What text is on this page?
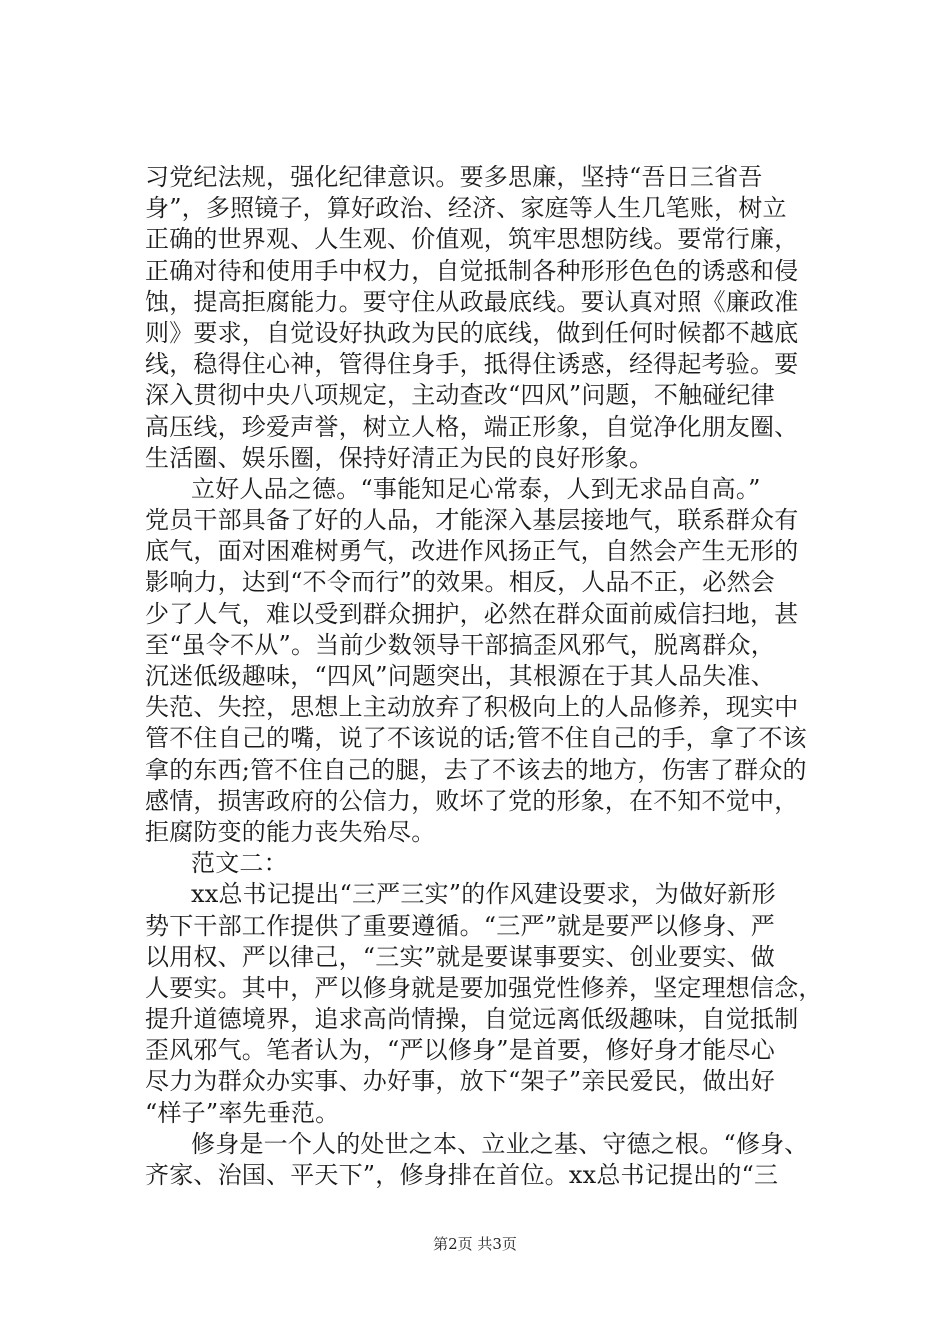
习党纪法规，强化纪律意识。要多思廉，坚持“吾日三省吾
身”，多照镜子，算好政治、经济、家庭等人生几笔账，树立
正确的世界观、人生观、价值观，筑牢思想防线。要常行廉，
正确对待和使用手中权力，自觉抵制各种形形色色的诱惑和侵
蚀，提高拒腐能力。要守住从政最底线。要认真对照《廉政准
则》要求，自觉设好执政为民的底线，做到任何时候都不越底
线，稳得住心神，管得住身手，抵得住诱惑，经得起考验。要
深入贯彻中央八项规定，主动查改“四风”问题，不触碰纪律
高压线，珍爱声誉，树立人格，端正形象，自觉净化朋友圈、
生活圈、娱乐圈，保持好清正为民的良好形象。
立好人品之德。“事能知足心常泰，人到无求品自高。”
党员干部具备了好的人品，才能深入基层接地气，联系群众有
底气，面对困难树勇气，改进作风扬正气，自然会产生无形的
影响力，达到“不令而行”的效果。相反，人品不正，必然会
少了人气，难以受到群众拥护，必然在群众面前威信扫地，甚
至“虽令不从”。当前少数领导干部搞歪风邪气，脱离群众，
沉迷低级趣味，“四风”问题突出，其根源在于其人品失准、
失范、失控，思想上主动放弃了积极向上的人品修养，现实中
管不住自己的嘴，说了不该说的话;管不住自己的手，拿了不该
拿的东西;管不住自己的腿，去了不该去的地方，伤害了群众的
感情，损害政府的公信力，败坏了党的形象，在不知不觉中，
拒腐防变的能力丧失殆尽。
范文二：
xx总书记提出“三严三实”的作风建设要求，为做好新形
势下干部工作提供了重要遵循。“三严”就是要严以修身、严
以用权、严以律己，“三实”就是要谋事要实、创业要实、做
人要实。其中，严以修身就是要加强党性修养，坚定理想信念，
提升道德境界，追求高尚情操，自觉远离低级趣味，自觉抵制
歪风邪气。笔者认为，“严以修身”是首要，修好身才能尽心
尽力为群众办实事、办好事，放下“架子”亲民爱民，做出好
“样子”率先垂范。
修身是一个人的处世之本、立业之基、守德之根。“修身、
齐家、治国、平天下”，修身排在首位。xx总书记提出的“三
第2页 共3页
